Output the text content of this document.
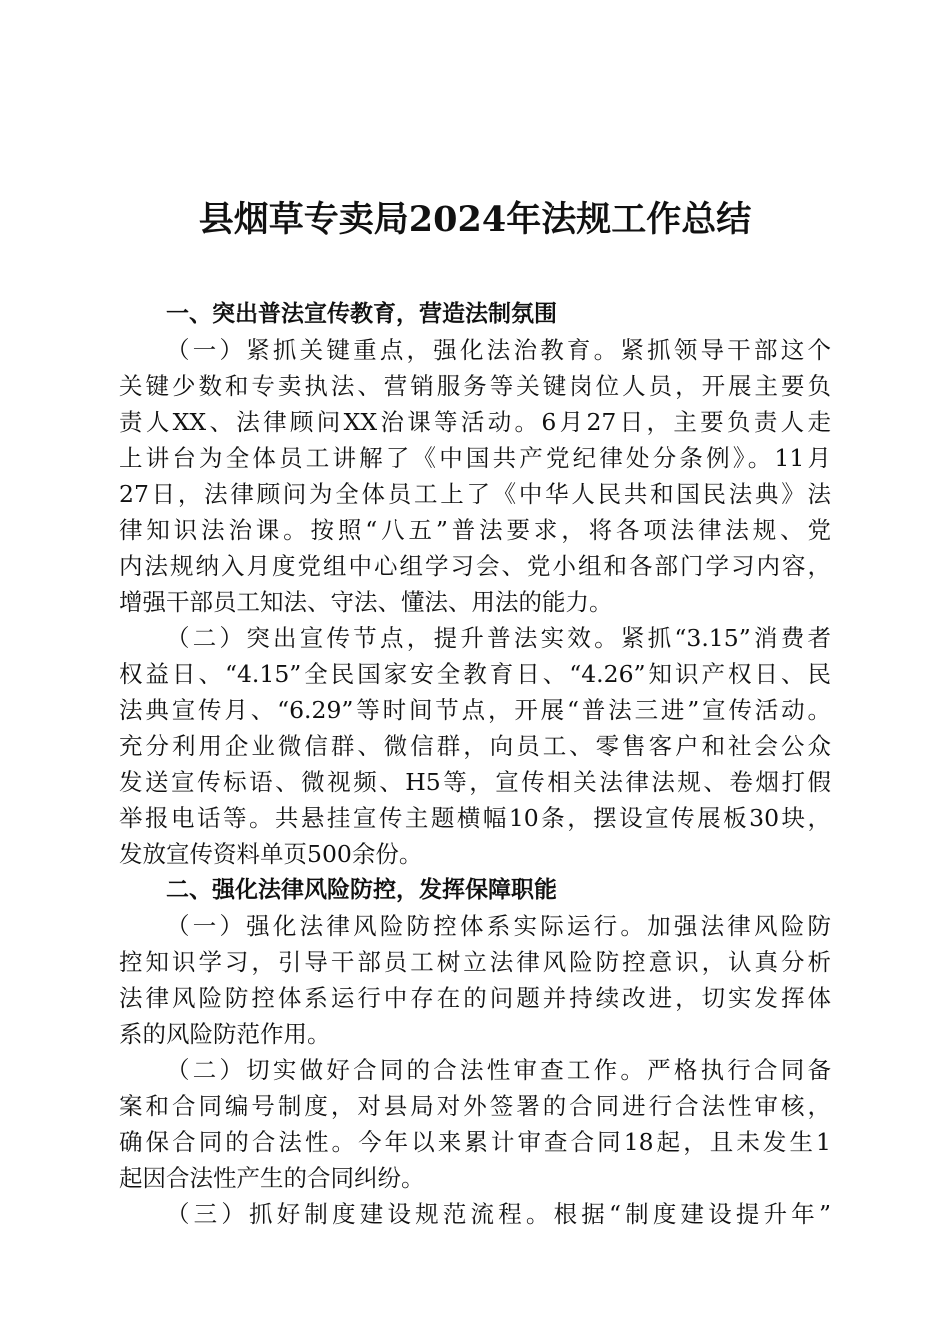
县烟草专卖局2024年法规工作总结
一、突出普法宣传教育，营造法制氛围
（一）紧抓关键重点，强化法治教育。紧抓领导干部这个
关键少数和专卖执法、营销服务等关键岗位人员，开展主要负
责人XX、法律顾问XX治课等活动。6月27日，主要负责人走
上讲台为全体员工讲解了《中国共产党纪律处分条例》。11月
27日，法律顾问为全体员工上了《中华人民共和国民法典》法
律知识法治课。按照“八五”普法要求，将各项法律法规、党
内法规纳入月度党组中心组学习会、党小组和各部门学习内容，
增强干部员工知法、守法、懂法、用法的能力。
（二）突出宣传节点，提升普法实效。紧抓“3.15”消费者
权益日、“4.15”全民国家安全教育日、“4.26”知识产权日、民
法典宣传月、“6.29”等时间节点，开展“普法三进”宣传活动。
充分利用企业微信群、微信群，向员工、零售客户和社会公众
发送宣传标语、微视频、H5等，宣传相关法律法规、卷烟打假
举报电话等。共悬挂宣传主题横幅10条，摆设宣传展板30块，
发放宣传资料单页500余份。
二、强化法律风险防控，发挥保障职能
（一）强化法律风险防控体系实际运行。加强法律风险防
控知识学习，引导干部员工树立法律风险防控意识，认真分析
法律风险防控体系运行中存在的问题并持续改进，切实发挥体
系的风险防范作用。
（二）切实做好合同的合法性审查工作。严格执行合同备
案和合同编号制度，对县局对外签署的合同进行合法性审核，
确保合同的合法性。今年以来累计审查合同18起，且未发生1
起因合法性产生的合同纠纷。
（三）抓好制度建设规范流程。根据“制度建设提升年”
